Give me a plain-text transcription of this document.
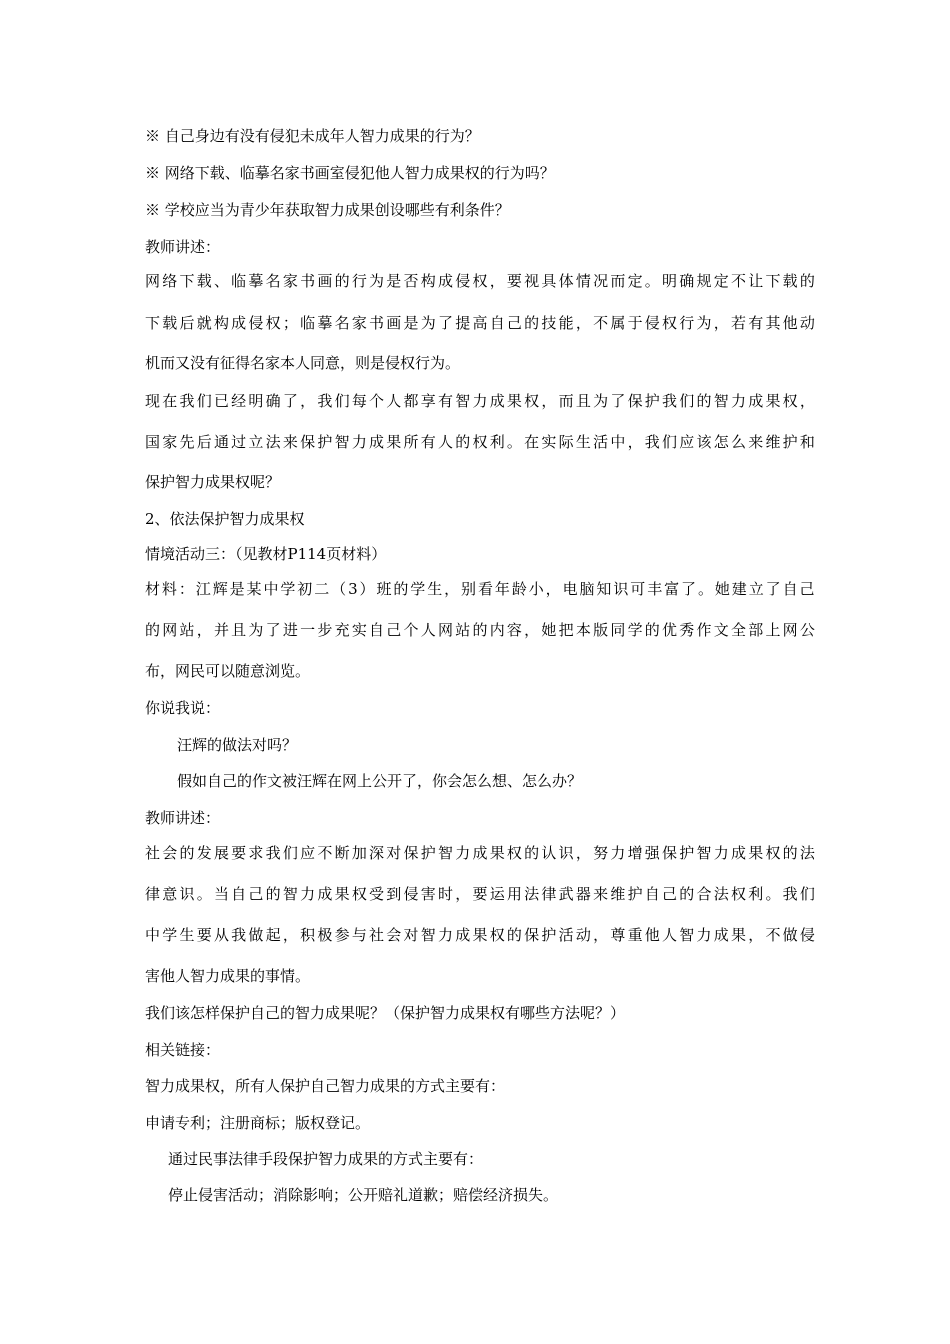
※ 自己身边有没有侵犯未成年人智力成果的行为？
※ 网络下载、临摹名家书画室侵犯他人智力成果权的行为吗？
※ 学校应当为青少年获取智力成果创设哪些有利条件？
教师讲述：
网 络 下 载 、 临 摹 名 家 书 画 的 行 为 是 否 构 成 侵 权 ， 要 视 具 体 情 况 而 定 。 明 确 规 定 不 让 下 载 的
下 载 后 就 构 成 侵 权 ； 临 摹 名 家 书 画 是 为 了 提 高 自 己 的 技 能 ， 不 属 于 侵 权 行 为 ， 若 有 其 他 动
机而又没有征得名家本人同意，则是侵权行为。
现 在 我 们 已 经 明 确 了 ， 我 们 每 个 人 都 享 有 智 力 成 果 权 ， 而 且 为 了 保 护 我 们 的 智 力 成 果 权 ，
国 家 先 后 通 过 立 法 来 保 护 智 力 成 果 所 有 人 的 权 利 。 在 实 际 生 活 中 ， 我 们 应 该 怎 么 来 维 护 和
保护智力成果权呢？
2、依法保护智力成果权
情境活动三：（见教材P114页材料）
材 料 ： 江 辉 是 某 中 学 初 二 （ 3 ） 班 的 学 生 ， 别 看 年 龄 小 ， 电 脑 知 识 可 丰 富 了 。 她 建 立 了 自 己
的 网 站 ， 并 且 为 了 进 一 步 充 实 自 己 个 人 网 站 的 内 容 ， 她 把 本 版 同 学 的 优 秀 作 文 全 部 上 网 公
布，网民可以随意浏览。
你说我说：
汪辉的做法对吗？
假如自己的作文被汪辉在网上公开了，你会怎么想、怎么办？
教师讲述：
社 会 的 发 展 要 求 我 们 应 不 断 加 深 对 保 护 智 力 成 果 权 的 认 识 ， 努 力 增 强 保 护 智 力 成 果 权 的 法
律 意 识 。 当 自 己 的 智 力 成 果 权 受 到 侵 害 时 ， 要 运 用 法 律 武 器 来 维 护 自 己 的 合 法 权 利 。 我 们
中 学 生 要 从 我 做 起 ， 积 极 参 与 社 会 对 智 力 成 果 权 的 保 护 活 动 ， 尊 重 他 人 智 力 成 果 ， 不 做 侵
害他人智力成果的事情。
我们该怎样保护自己的智力成果呢？（保护智力成果权有哪些方法呢？）
相关链接：
智力成果权，所有人保护自己智力成果的方式主要有：
申请专利；注册商标；版权登记。
通过民事法律手段保护智力成果的方式主要有：
停止侵害活动；消除影响；公开赔礼道歉；赔偿经济损失。
